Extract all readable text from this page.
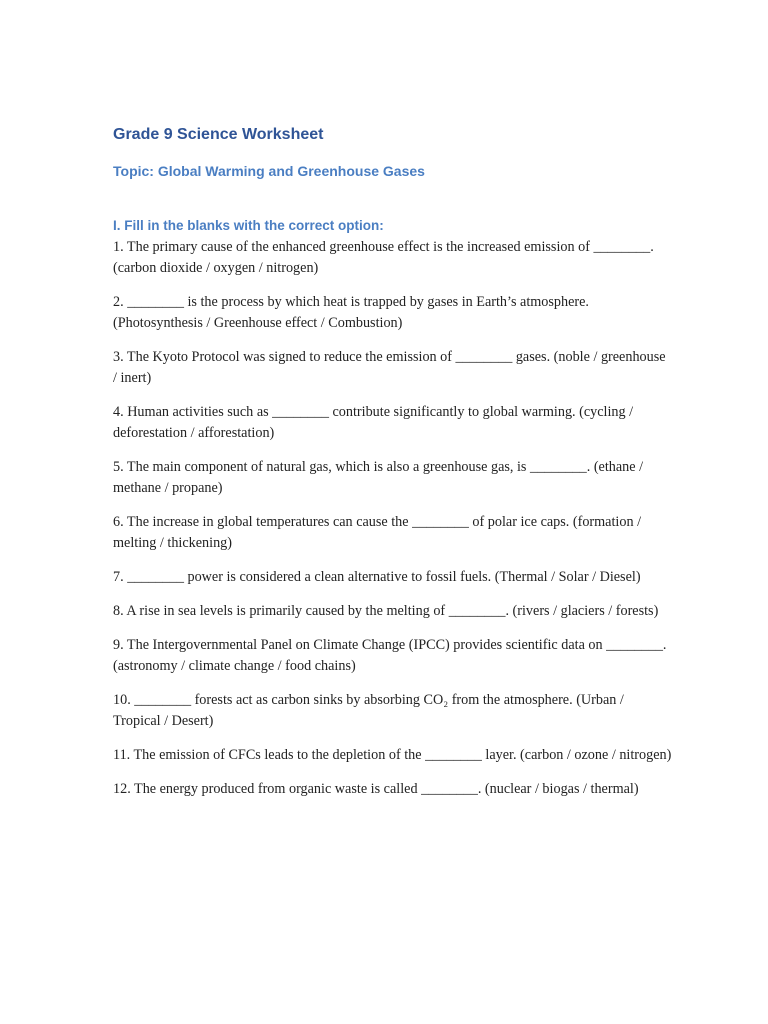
Grade 9 Science Worksheet
Topic: Global Warming and Greenhouse Gases
I. Fill in the blanks with the correct option:
1. The primary cause of the enhanced greenhouse effect is the increased emission of ________. (carbon dioxide / oxygen / nitrogen)
2. ________ is the process by which heat is trapped by gases in Earth’s atmosphere. (Photosynthesis / Greenhouse effect / Combustion)
3. The Kyoto Protocol was signed to reduce the emission of ________ gases. (noble / greenhouse / inert)
4. Human activities such as ________ contribute significantly to global warming. (cycling / deforestation / afforestation)
5. The main component of natural gas, which is also a greenhouse gas, is ________. (ethane / methane / propane)
6. The increase in global temperatures can cause the ________ of polar ice caps. (formation / melting / thickening)
7. ________ power is considered a clean alternative to fossil fuels. (Thermal / Solar / Diesel)
8. A rise in sea levels is primarily caused by the melting of ________. (rivers / glaciers / forests)
9. The Intergovernmental Panel on Climate Change (IPCC) provides scientific data on ________. (astronomy / climate change / food chains)
10. ________ forests act as carbon sinks by absorbing CO₂ from the atmosphere. (Urban / Tropical / Desert)
11. The emission of CFCs leads to the depletion of the ________ layer. (carbon / ozone / nitrogen)
12. The energy produced from organic waste is called ________. (nuclear / biogas / thermal)
